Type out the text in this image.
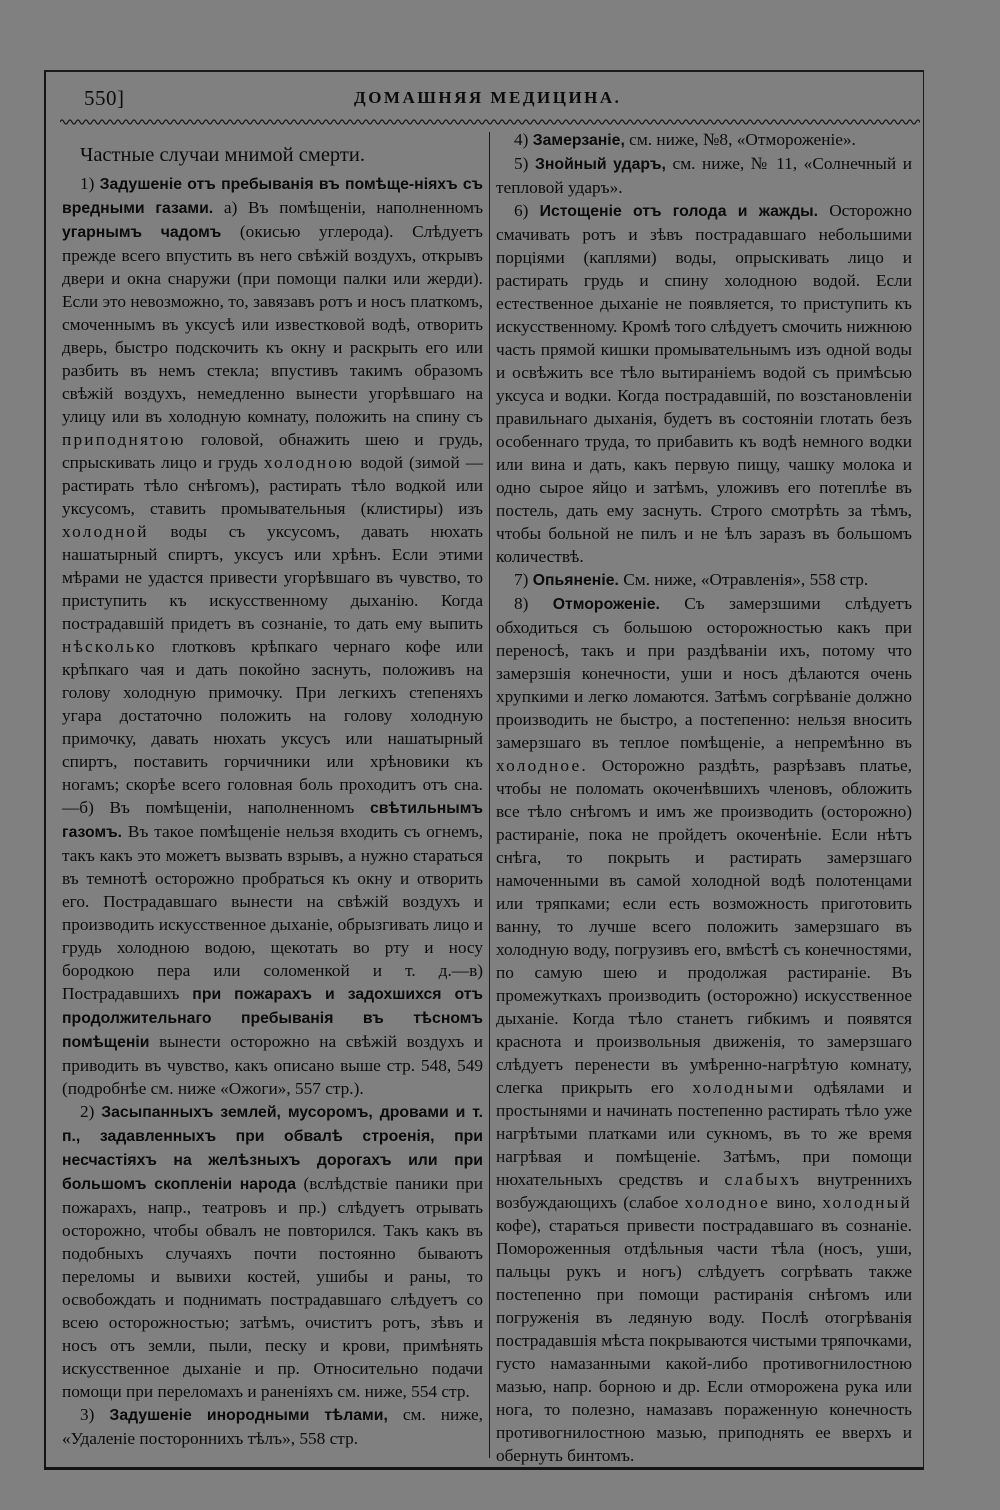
550]	ДОМАШНЯЯ МЕДИЦИНА.
Частные случаи мнимой смерти.

1) Задушеніе отъ пребыванія въ помѣще-ніяхъ съ вредными газами. а) Въ помѣщеніи, наполненномъ угарнымъ чадомъ (окисью углерода). Слѣдуетъ прежде всего впустить въ него свѣжій воздухъ, открывъ двери и окна снаружи (при помощи палки или жерди). Если это невозможно, то, завязавъ ротъ и носъ платкомъ, смоченнымъ въ уксусѣ или известковой водѣ, отворить дверь, быстро подскочить къ окну и раскрыть его или разбить въ немъ стекла; впустивъ такимъ образомъ свѣжій воздухъ, немедленно вынести угорѣвшаго на улицу или въ холодную комнату, положить на спину съ приподнятою головой, обнажить шею и грудь, спрыскивать лицо и грудь холодною водой (зимой — растирать тѣло снѣгомъ), растирать тѣло водкой или уксусомъ, ставить промывательныя (клистиры) изъ холодной воды съ уксусомъ, давать нюхать нашатырный спиртъ, уксусъ или хрѣнъ. Если этими мѣрами не удастся привести угорѣвшаго въ чувство, то приступить къ искусственному дыханію. Когда пострадавшій придетъ въ сознаніе, то дать ему выпить нѣсколько глотковъ крѣпкаго чернаго кофе или крѣпкаго чая и дать покойно заснуть, положивъ на голову холодную примочку. При легкихъ степеняхъ угара достаточно положить на голову холодную примочку, давать нюхать уксусъ или нашатырный спиртъ, поставить горчичники или хрѣновики къ ногамъ; скорѣе всего головная боль проходитъ отъ сна.—б) Въ помѣщеніи, наполненномъ свѣтильнымъ газомъ. Въ такое помѣщеніе нельзя входить съ огнемъ, такъ какъ это можетъ вызвать взрывъ, а нужно стараться въ темнотѣ осторожно пробраться къ окну и отворить его. Пострадавшаго вынести на свѣжій воздухъ и производить искусственное дыханіе, обрызгивать лицо и грудь холодною водою, щекотать во рту и носу бородкою пера или соломенкой и т. д.—в) Пострадавшихъ при пожарахъ и задохшихся отъ продолжительнаго пребыванія въ тѣсномъ помѣщеніи вынести осторожно на свѣжій воздухъ и приводить въ чувство, какъ описано выше стр. 548, 549 (подробнѣе см. ниже «Ожоги», 557 стр.).

2) Засыпанныхъ землей, мусоромъ, дровами и т. п., задавленныхъ при обвалѣ строенія, при несчастіяхъ на желѣзныхъ дорогахъ или при большомъ скопленіи народа (вслѣдствіе паники при пожарахъ, напр., театровъ и пр.) слѣдуетъ отрывать осторожно, чтобы обвалъ не повторился. Такъ какъ въ подобныхъ случаяхъ почти постоянно бываютъ переломы и вывихи костей, ушибы и раны, то освобождать и поднимать пострадавшаго слѣдуетъ со всею осторожностью; затѣмъ, очиститъ ротъ, зѣвъ и носъ отъ земли, пыли, песку и крови, примѣнять искусственное дыханіе и пр. Относительно подачи помощи при переломахъ и раненіяхъ см. ниже, 554 стр.

3) Задушеніе инородными тѣлами, см. ниже, «Удаленіе постороннихъ тѣлъ», 558 стр.

4) Замерзаніе, см. ниже, №8, «Отмороженіе».

5) Знойный ударъ, см. ниже, № 11, «Солнечный и тепловой ударъ».

6) Истощеніе отъ голода и жажды. Осторожно смачивать ротъ и зѣвъ пострадавшаго небольшими порціями (каплями) воды, опрыскивать лицо и растирать грудь и спину холодною водой. Если естественное дыханіе не появляется, то приступить къ искусственному. Кромѣ того слѣдуетъ смочить нижнюю часть прямой кишки промывательнымъ изъ одной воды и освѣжить все тѣло вытираніемъ водой съ примѣсью уксуса и водки. Когда пострадавшій, по возстановленіи правильнаго дыханія, будетъ въ состояніи глотать безъ особеннаго труда, то прибавить къ водѣ немного водки или вина и дать, какъ первую пищу, чашку молока и одно сырое яйцо и затѣмъ, уложивъ его потеплѣе въ постель, дать ему заснуть. Строго смотрѣть за тѣмъ, чтобы больной не пилъ и не ѣлъ заразъ въ большомъ количествѣ.

7) Опьяненіе. См. ниже, «Отравленія», 558 стр.

8) Отмороженіе. Съ замерзшими слѣдуетъ обходиться съ большою осторожностью какъ при переносѣ, такъ и при раздѣваніи ихъ, потому что замерзшія конечности, уши и носъ дѣлаются очень хрупкими и легко ломаются. Затѣмъ согрѣваніе должно производить не быстро, а постепенно: нельзя вносить замерзшаго въ теплое помѣщеніе, а непремѣнно въ холодное. Осторожно раздѣть, разрѣзавъ платье, чтобы не поломать окоченѣвшихъ членовъ, обложить все тѣло снѣгомъ и имъ же производить (осторожно) растираніе, пока не пройдетъ окоченѣніе. Если нѣтъ снѣга, то покрыть и растирать замерзшаго намоченными въ самой холодной водѣ полотенцами или тряпками; если есть возможность приготовить ванну, то лучше всего положить замерзшаго въ холодную воду, погрузивъ его, вмѣстѣ съ конечностями, по самую шею и продолжая растираніе. Въ промежуткахъ производить (осторожно) искусственное дыханіе. Когда тѣло станетъ гибкимъ и появятся краснота и произвольныя движенія, то замерзшаго слѣдуетъ перенести въ умѣренно-нагрѣтую комнату, слегка прикрыть его холодными одѣялами и простынями и начинать постепенно растирать тѣло уже нагрѣтыми платками или сукномъ, въ то же время нагрѣвая и помѣщеніе. Затѣмъ, при помощи нюхательныхъ средствъ и слабыхъ внутреннихъ возбуждающихъ (слабое холодное вино, холодный кофе), стараться привести пострадавшаго въ сознаніе. Помороженныя отдѣльныя части тѣла (носъ, уши, пальцы рукъ и ногъ) слѣдуетъ согрѣвать также постепенно при помощи растиранія снѣгомъ или погруженія въ ледяную воду. Послѣ отогрѣванія пострадавшія мѣста покрываются чистыми тряпочками, густо намазанными какой-либо противогнилостною мазью, напр. борною и др. Если отморожена рука или нога, то полезно, намазавъ пораженную конечность противогнилостною мазью, приподнять ее вверхъ и обернуть бинтомъ.
